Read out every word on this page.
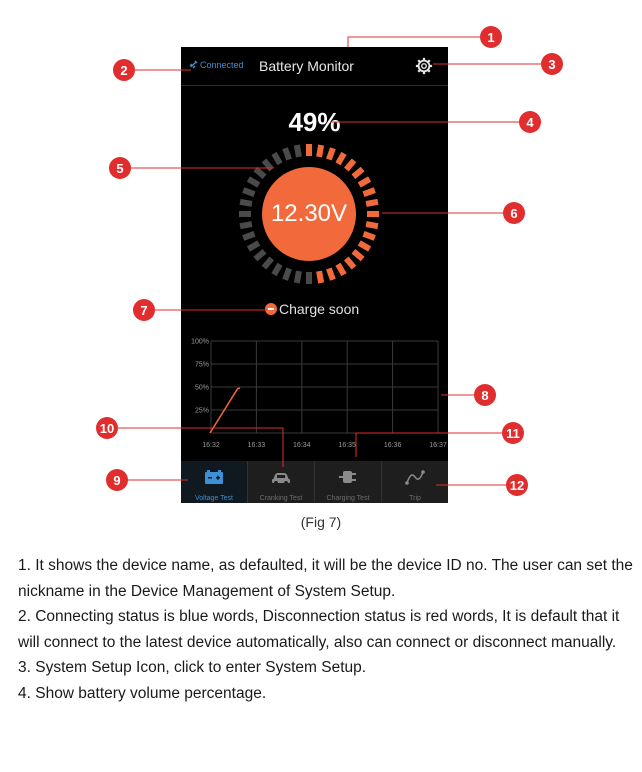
Connected Battery Monitor
49%
12.30V
Charge soon
16:32	16:33	16:34	16:35	16:36	16:37
100%
75%
50%
25%
Voltage Test	Cranking Test	Charging Test	Trip
1
2	3
4
5
6
7
8
9
10	11
12
(Fig 7)

1. It shows the device name, as defaulted, it will be the device ID no. The user can set the nickname in the Device Management of System Setup.

2. Connecting status is blue words, Disconnection status is red words, It is default that it will connect to the latest device automatically, also can connect or disconnect manually.

3. System Setup Icon, click to enter System Setup.

4. Show battery volume percentage.
